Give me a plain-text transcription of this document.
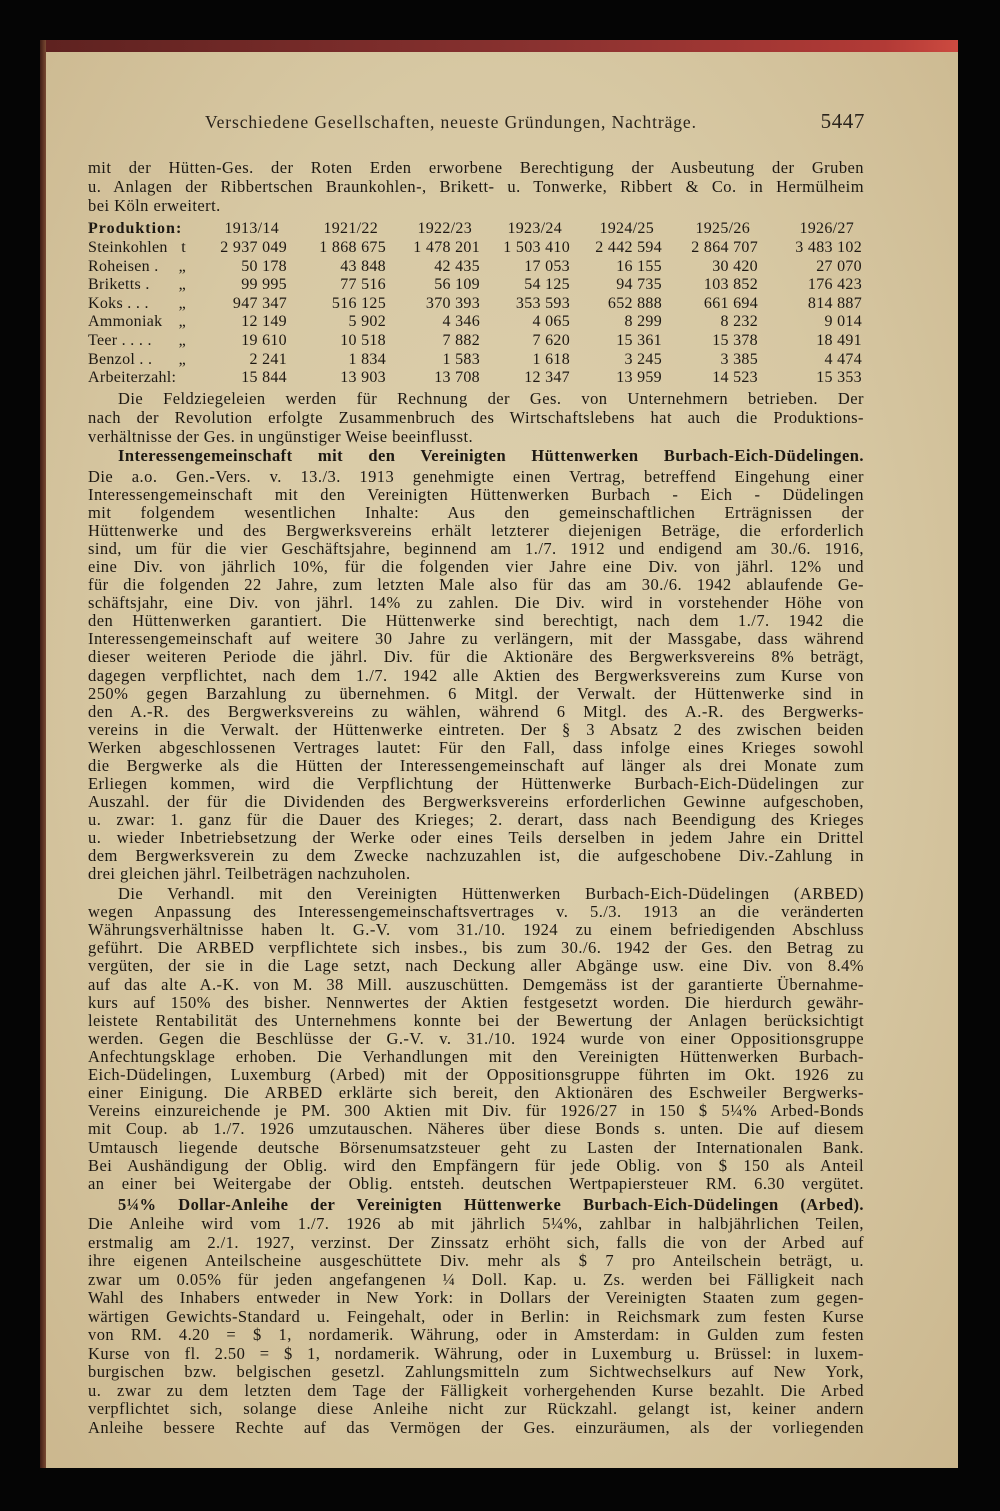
Verschiedene Gesellschaften, neueste Gründungen, Nachträge.	5447
mit der Hütten-Ges. der Roten Erden erworbene Berechtigung der Ausbeutung der Gruben
u. Anlagen der Ribbertschen Braunkohlen-, Brikett- u. Tonwerke, Ribbert & Co. in Hermülheim
bei Köln erweitert.
Produktion:	1913/14	1921/22	1922/23	1923/24	1924/25	1925/26	1926/27
Steinkohlen t	2 937 049	1 868 675	1 478 201	1 503 410	2 442 594	2 864 707	3 483 102
Roheisen . „	50 178	43 848	42 435	17 053	16 155	30 420	27 070
Briketts . „	99 995	77 516	56 109	54 125	94 735	103 852	176 423
Koks . . . „	947 347	516 125	370 393	353 593	652 888	661 694	814 887
Ammoniak „	12 149	5 902	4 346	4 065	8 299	8 232	9 014
Teer . . . . „	19 610	10 518	7 882	7 620	15 361	15 378	18 491
Benzol . . „	2 241	1 834	1 583	1 618	3 245	3 385	4 474
Arbeiterzahl:	15 844	13 903	13 708	12 347	13 959	14 523	15 353
Die Feldziegeleien werden für Rechnung der Ges. von Unternehmern betrieben. Der
nach der Revolution erfolgte Zusammenbruch des Wirtschaftslebens hat auch die Produktions-
verhältnisse der Ges. in ungünstiger Weise beeinflusst.
Interessengemeinschaft mit den Vereinigten Hüttenwerken Burbach-Eich-Düdelingen.
Die a.o. Gen.-Vers. v. 13./3. 1913 genehmigte einen Vertrag, betreffend Eingehung einer
Interessengemeinschaft mit den Vereinigten Hüttenwerken Burbach - Eich - Düdelingen
mit folgendem wesentlichen Inhalte: Aus den gemeinschaftlichen Erträgnissen der
Hüttenwerke und des Bergwerksvereins erhält letzterer diejenigen Beträge, die erforderlich
sind, um für die vier Geschäftsjahre, beginnend am 1./7. 1912 und endigend am 30./6. 1916,
eine Div. von jährlich 10%, für die folgenden vier Jahre eine Div. von jährl. 12% und
für die folgenden 22 Jahre, zum letzten Male also für das am 30./6. 1942 ablaufende Ge-
schäftsjahr, eine Div. von jährl. 14% zu zahlen. Die Div. wird in vorstehender Höhe von
den Hüttenwerken garantiert. Die Hüttenwerke sind berechtigt, nach dem 1./7. 1942 die
Interessengemeinschaft auf weitere 30 Jahre zu verlängern, mit der Massgabe, dass während
dieser weiteren Periode die jährl. Div. für die Aktionäre des Bergwerksvereins 8% beträgt,
dagegen verpflichtet, nach dem 1./7. 1942 alle Aktien des Bergwerksvereins zum Kurse von
250% gegen Barzahlung zu übernehmen. 6 Mitgl. der Verwalt. der Hüttenwerke sind in
den A.-R. des Bergwerksvereins zu wählen, während 6 Mitgl. des A.-R. des Bergwerks-
vereins in die Verwalt. der Hüttenwerke eintreten. Der § 3 Absatz 2 des zwischen beiden
Werken abgeschlossenen Vertrages lautet: Für den Fall, dass infolge eines Krieges sowohl
die Bergwerke als die Hütten der Interessengemeinschaft auf länger als drei Monate zum
Erliegen kommen, wird die Verpflichtung der Hüttenwerke Burbach-Eich-Düdelingen zur
Auszahl. der für die Dividenden des Bergwerksvereins erforderlichen Gewinne aufgeschoben,
u. zwar: 1. ganz für die Dauer des Krieges; 2. derart, dass nach Beendigung des Krieges
u. wieder Inbetriebsetzung der Werke oder eines Teils derselben in jedem Jahre ein Drittel
dem Bergwerksverein zu dem Zwecke nachzuzahlen ist, die aufgeschobene Div.-Zahlung in
drei gleichen jährl. Teilbeträgen nachzuholen.
Die Verhandl. mit den Vereinigten Hüttenwerken Burbach-Eich-Düdelingen (ARBED)
wegen Anpassung des Interessengemeinschaftsvertrages v. 5./3. 1913 an die veränderten
Währungsverhältnisse haben lt. G.-V. vom 31./10. 1924 zu einem befriedigenden Abschluss
geführt. Die ARBED verpflichtete sich insbes., bis zum 30./6. 1942 der Ges. den Betrag zu
vergüten, der sie in die Lage setzt, nach Deckung aller Abgänge usw. eine Div. von 8.4%
auf das alte A.-K. von M. 38 Mill. auszuschütten. Demgemäss ist der garantierte Übernahme-
kurs auf 150% des bisher. Nennwertes der Aktien festgesetzt worden. Die hierdurch gewähr-
leistete Rentabilität des Unternehmens konnte bei der Bewertung der Anlagen berücksichtigt
werden. Gegen die Beschlüsse der G.-V. v. 31./10. 1924 wurde von einer Oppositionsgruppe
Anfechtungsklage erhoben. Die Verhandlungen mit den Vereinigten Hüttenwerken Burbach-
Eich-Düdelingen, Luxemburg (Arbed) mit der Oppositionsgruppe führten im Okt. 1926 zu
einer Einigung. Die ARBED erklärte sich bereit, den Aktionären des Eschweiler Bergwerks-
Vereins einzureichende je PM. 300 Aktien mit Div. für 1926/27 in 150 $ 5¼% Arbed-Bonds
mit Coup. ab 1./7. 1926 umzutauschen. Näheres über diese Bonds s. unten. Die auf diesem
Umtausch liegende deutsche Börsenumsatzsteuer geht zu Lasten der Internationalen Bank.
Bei Aushändigung der Oblig. wird den Empfängern für jede Oblig. von $ 150 als Anteil
an einer bei Weitergabe der Oblig. entsteh. deutschen Wertpapiersteuer RM. 6.30 vergütet.
5¼% Dollar-Anleihe der Vereinigten Hüttenwerke Burbach-Eich-Düdelingen (Arbed).
Die Anleihe wird vom 1./7. 1926 ab mit jährlich 5¼%, zahlbar in halbjährlichen Teilen,
erstmalig am 2./1. 1927, verzinst. Der Zinssatz erhöht sich, falls die von der Arbed auf
ihre eigenen Anteilscheine ausgeschüttete Div. mehr als $ 7 pro Anteilschein beträgt, u.
zwar um 0.05% für jeden angefangenen ¼ Doll. Kap. u. Zs. werden bei Fälligkeit nach
Wahl des Inhabers entweder in New York: in Dollars der Vereinigten Staaten zum gegen-
wärtigen Gewichts-Standard u. Feingehalt, oder in Berlin: in Reichsmark zum festen Kurse
von RM. 4.20 = $ 1, nordamerik. Währung, oder in Amsterdam: in Gulden zum festen
Kurse von fl. 2.50 = $ 1, nordamerik. Währung, oder in Luxemburg u. Brüssel: in luxem-
burgischen bzw. belgischen gesetzl. Zahlungsmitteln zum Sichtwechselkurs auf New York,
u. zwar zu dem letzten dem Tage der Fälligkeit vorhergehenden Kurse bezahlt. Die Arbed
verpflichtet sich, solange diese Anleihe nicht zur Rückzahl. gelangt ist, keiner andern
Anleihe bessere Rechte auf das Vermögen der Ges. einzuräumen, als der vorliegenden
